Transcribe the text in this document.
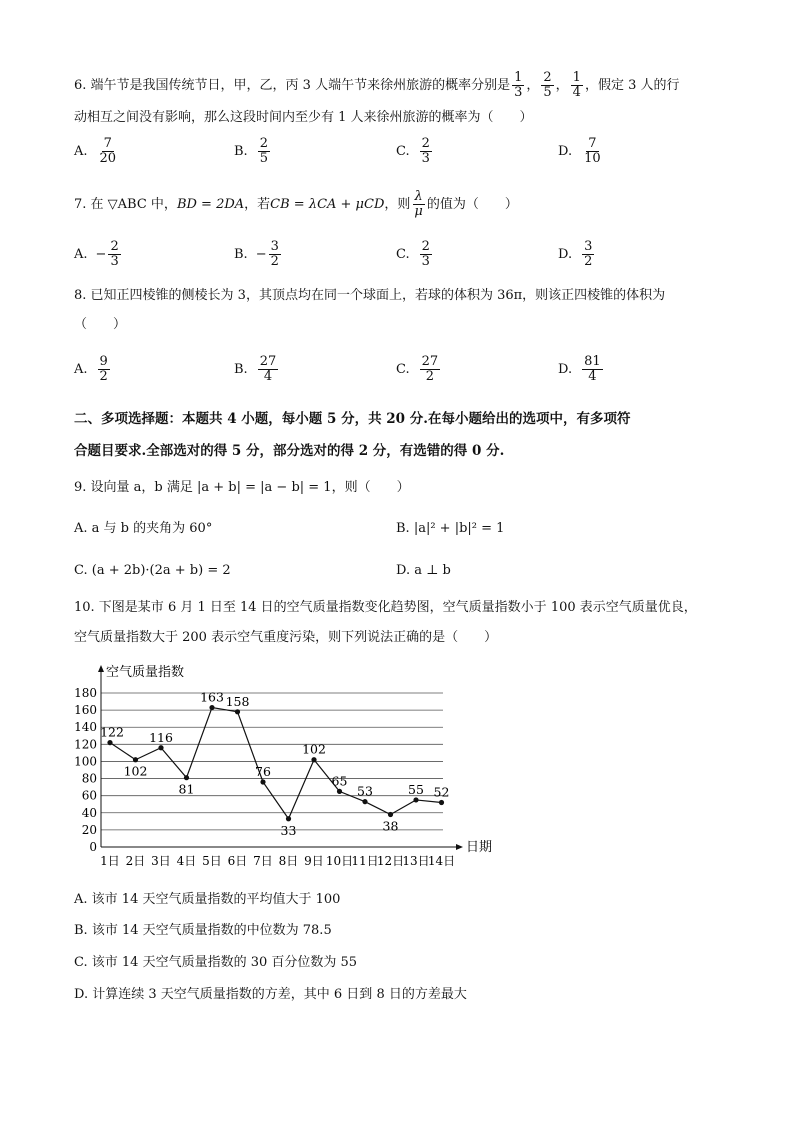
6. 端午节是我国传统节日，甲，乙，丙 3 人端午节来徐州旅游的概率分别是 $\frac{1}{3}$ ， $\frac{2}{5}$ ， $\frac{1}{4}$ ，假定 3 人的行
动相互之间没有影响，那么这段时间内至少有 1 人来徐州旅游的概率为（　　）
A. $\frac{7}{20}$	B. $\frac{2}{5}$	C. $\frac{2}{3}$	D. $\frac{7}{10}$
7. 在 ▽ABC 中， BD = 2DA ，若 CB = λCA + μCD ，则 $\frac{\lambda}{\mu}$ 的值为（　　）
A. − $\frac{2}{3}$	B. − $\frac{3}{2}$	C. $\frac{2}{3}$	D. $\frac{3}{2}$
8. 已知正四棱锥的侧棱长为 3，其顶点均在同一个球面上，若球的体积为 36π，则该正四棱锥的体积为
（　　）
A. $\frac{9}{2}$	B. $\frac{27}{4}$	C. $\frac{27}{2}$	D. $\frac{81}{4}$
二、多项选择题：本题共 4 小题，每小题 5 分，共 20 分.在每小题给出的选项中，有多项符
合题目要求.全部选对的得 5 分，部分选对的得 2 分，有选错的得 0 分.
9. 设向量 a，b 满足 |a + b| = |a − b| = 1，则（　　）
A. a 与 b 的夹角为 60°	B. |a|² + |b|² = 1
C. (a + 2b)·(2a + b) = 2	D. a ⊥ b
10. 下图是某市 6 月 1 日至 14 日的空气质量指数变化趋势图，空气质量指数小于 100 表示空气质量优良，
空气质量指数大于 200 表示空气重度污染，则下列说法正确的是（　　）
空气质量指数
日期
0
20
40
60
80
100
120
140
160
180
1日 2日 3日 4日 5日 6日 7日 8日 9日 10日
11日
12日
13日
14日
122
102
116
81
163 158
76
33
102
65
53
38
55 52
A. 该市 14 天空气质量指数的平均值大于 100
B. 该市 14 天空气质量指数的中位数为 78.5
C. 该市 14 天空气质量指数的 30 百分位数为 55
D. 计算连续 3 天空气质量指数的方差，其中 6 日到 8 日的方差最大
